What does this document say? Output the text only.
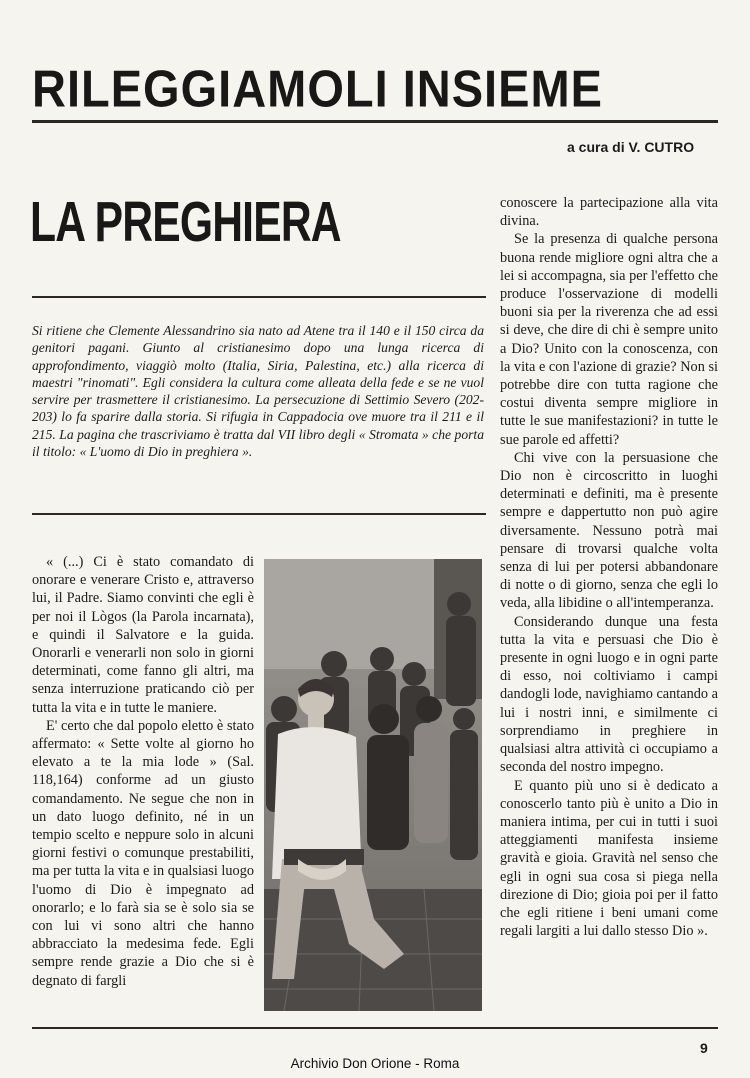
RILEGGIAMOLI INSIEME
a cura di V. CUTRO
LA PREGHIERA

Si ritiene che Clemente Alessandrino sia nato ad Atene tra il 140 e il 150 circa da genitori pagani. Giunto al cristianesimo dopo una lunga ricerca di approfondimento, viaggiò molto (Italia, Siria, Palestina, etc.) alla ricerca di maestri "rinomati". Egli considera la cultura come alleata della fede e se ne vuol servire per trasmettere il cristianesimo. La persecuzione di Settimio Severo (202-203) lo fa sparire dalla storia. Si rifugia in Cappadocia ove muore tra il 211 e il 215. La pagina che trascriviamo è tratta dal VII libro degli « Stromata » che porta il titolo: « L'uomo di Dio in preghiera ».

« (...) Ci è stato comandato di onorare e venerare Cristo e, attraverso lui, il Padre. Siamo convinti che egli è per noi il Lògos (la Parola incarnata), e quindi il Salvatore e la guida. Onorarli e venerarli non solo in giorni determinati, come fanno gli altri, ma senza interruzione praticando ciò per tutta la vita e in tutte le maniere.

E' certo che dal popolo eletto è stato affermato: « Sette volte al giorno ho elevato a te la mia lode » (Sal. 118,164) conforme ad un giusto comandamento. Ne segue che non in un dato luogo definito, né in un tempio scelto e neppure solo in alcuni giorni festivi o comunque prestabiliti, ma per tutta la vita e in qualsiasi luogo l'uomo di Dio è impegnato ad onorarlo; e lo farà sia se è solo sia se con lui vi sono altri che hanno abbracciato la medesima fede. Egli sempre rende grazie a Dio che si è degnato di fargli

conoscere la partecipazione alla vita divina.

Se la presenza di qualche persona buona rende migliore ogni altra che a lei si accompagna, sia per l'effetto che produce l'osservazione di modelli buoni sia per la riverenza che ad essi si deve, che dire di chi è sempre unito a Dio? Unito con la conoscenza, con la vita e con l'azione di grazie? Non si potrebbe dire con tutta ragione che costui diventa sempre migliore in tutte le sue manifestazioni? in tutte le sue parole ed affetti?

Chi vive con la persuasione che Dio non è circoscritto in luoghi determinati e definiti, ma è presente sempre e dappertutto non può agire diversamente. Nessuno potrà mai pensare di trovarsi qualche volta senza di lui per potersi abbandonare di notte o di giorno, senza che egli lo veda, alla libidine o all'intemperanza.

Considerando dunque una festa tutta la vita e persuasi che Dio è presente in ogni luogo e in ogni parte di esso, noi coltiviamo i campi dandogli lode, navighiamo cantando a lui i nostri inni, e similmente ci sorprendiamo in preghiere in qualsiasi altra attività ci occupiamo a seconda del nostro impegno.

E quanto più uno si è dedicato a conoscerlo tanto più è unito a Dio in maniera intima, per cui in tutti i suoi atteggiamenti manifesta insieme gravità e gioia. Gravità nel senso che egli in ogni sua cosa si piega nella direzione di Dio; gioia poi per il fatto che egli ritiene i beni umani come regali largiti a lui dallo stesso Dio ».

9
Archivio Don Orione - Roma
